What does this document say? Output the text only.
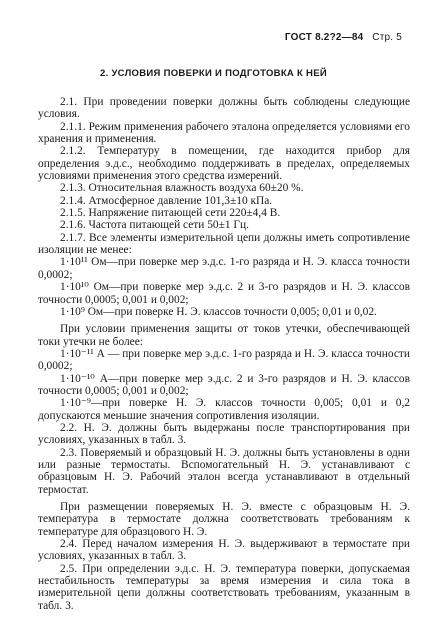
ГОСТ 8.2?2—84 Стр. 5
2. УСЛОВИЯ ПОВЕРКИ И ПОДГОТОВКА К НЕЙ

2.1. При проведении поверки должны быть соблюдены следующие условия.

2.1.1. Режим применения рабочего эталона определяется условиями его хранения и применения.

2.1.2. Температуру в помещении, где находится прибор для определения э.д.с., необходимо поддерживать в пределах, определяемых условиями применения этого средства измерений.

2.1.3. Относительная влажность воздуха 60±20 %.

2.1.4. Атмосферное давление 101,3±10 кПа.

2.1.5. Напряжение питающей сети 220±4,4 В.

2.1.6. Частота питающей сети 50±1 Гц.

2.1.7. Все элементы измерительной цепи должны иметь сопротивление изоляции не менее:

1·10¹¹ Ом—при поверке мер э.д.с. 1-го разряда и Н. Э. класса точности 0,0002;

1·10¹⁰ Ом—при поверке мер э.д.с. 2 и 3-го разрядов и Н. Э. классов точности 0,0005; 0,001 и 0,002;

1·10⁹ Ом—при поверке Н. Э. классов точности 0,005; 0,01 и 0,02.

При условии применения защиты от токов утечки, обеспечивающей токи утечки не более:

1·10⁻¹¹ А — при поверке мер э.д.с. 1-го разряда и Н. Э. класса точности 0,0002;

1·10⁻¹⁰ А—при поверке мер э.д.с. 2 и 3-го разрядов и Н. Э. классов точности 0,0005; 0,001 и 0,002;

1·10⁻⁹—при поверке Н. Э. классов точности 0,005; 0,01 и 0,2 допускаются меньшие значения сопротивления изоляции.

2.2. Н. Э. должны быть выдержаны после транспортирования при условиях, указанных в табл. 3.

2.3. Поверяемый и образцовый Н. Э. должны быть установлены в одни или разные термостаты. Вспомогательный Н. Э. устанавливают с образцовым Н. Э. Рабочий эталон всегда устанавливают в отдельный термостат.

При размещении поверяемых Н. Э. вместе с образцовым Н. Э. температура в термостате должна соответствовать требованиям к температуре для образцового Н. Э.

2.4. Перед началом измерения Н. Э. выдерживают в термостате при условиях, указанных в табл. 3.

2.5. При определении э.д.с. Н. Э. температура поверки, допускаемая нестабильность температуры за время измерения и сила тока в измерительной цепи должны соответствовать требованиям, указанным в табл. 3.
